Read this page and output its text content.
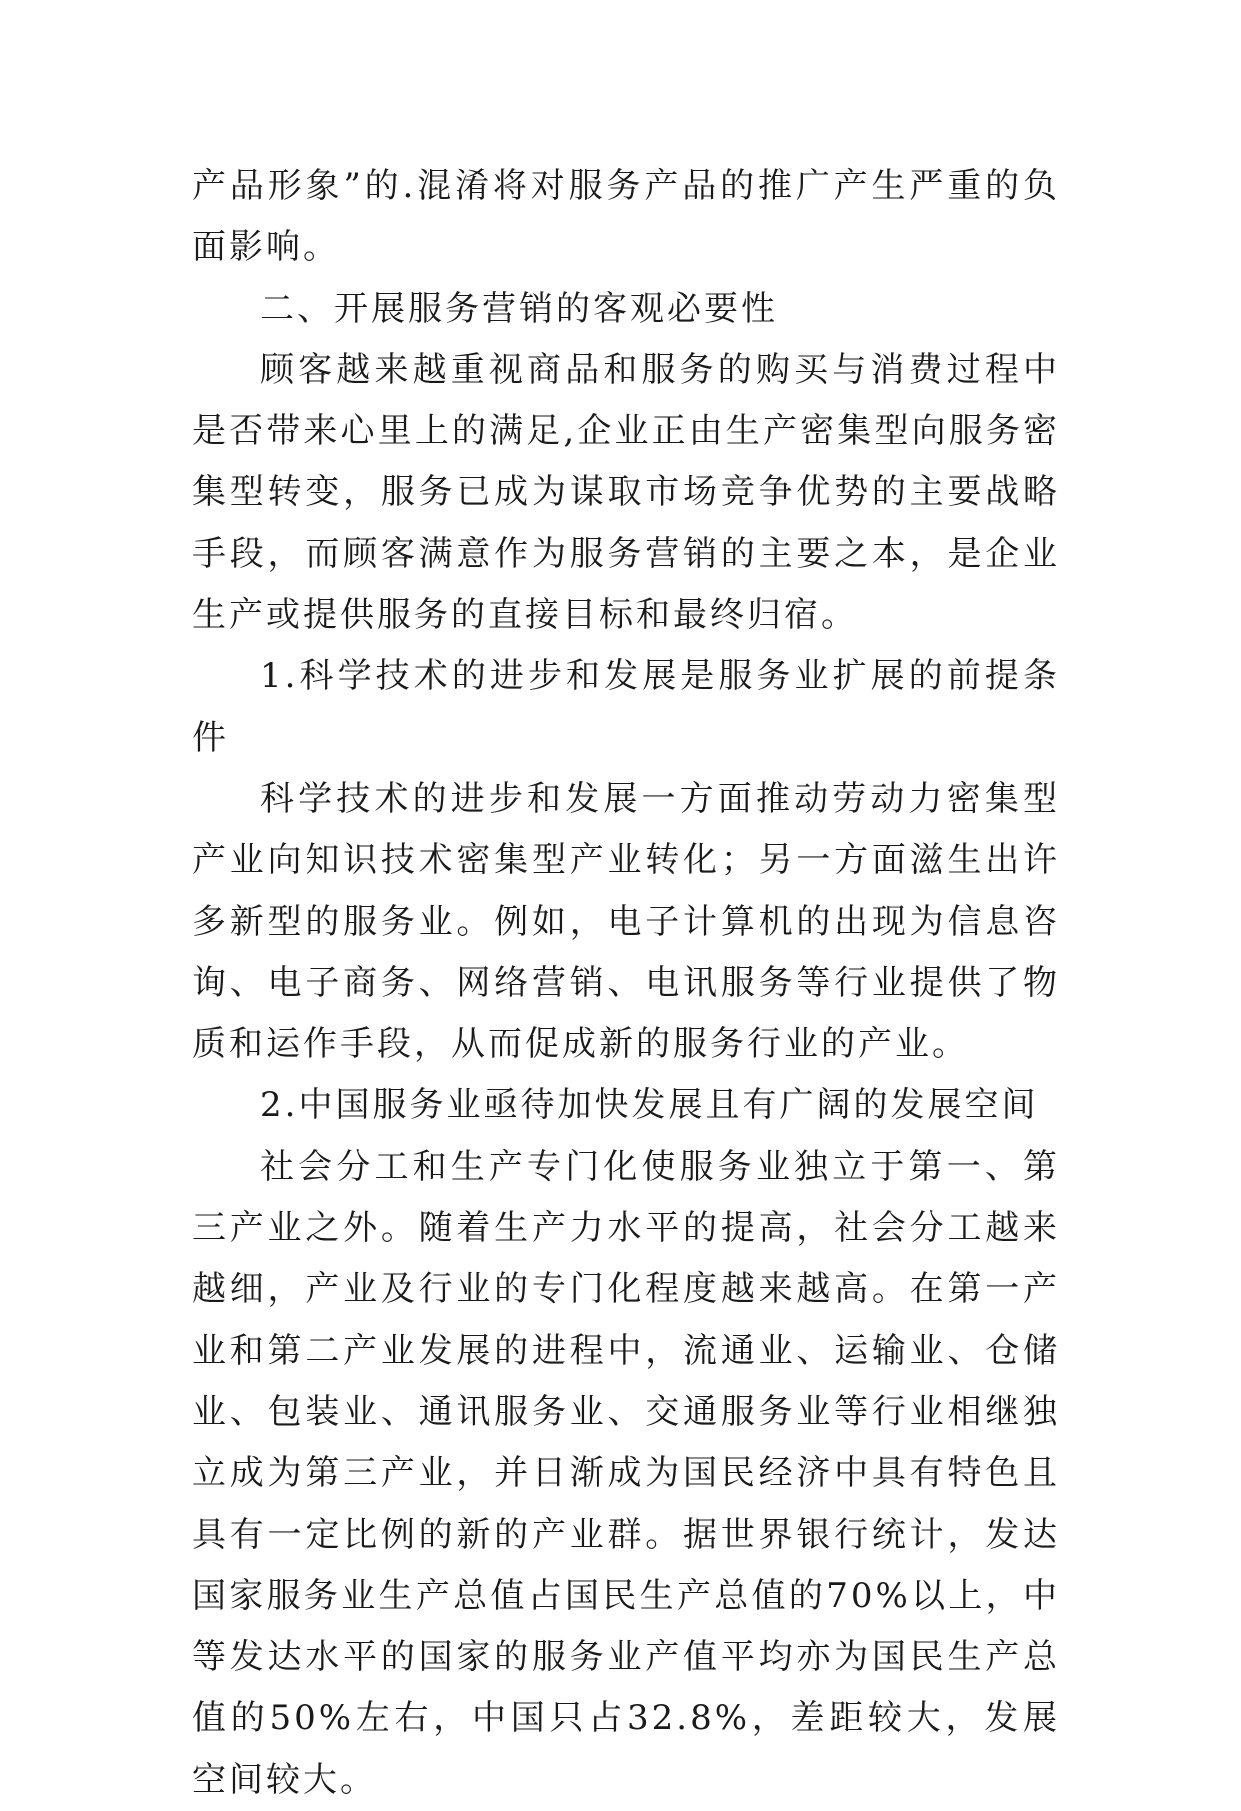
产品形象”的.混淆将对服务产品的推广产生严重的负面影响。

二、开展服务营销的客观必要性

顾客越来越重视商品和服务的购买与消费过程中是否带来心里上的满足,企业正由生产密集型向服务密集型转变，服务已成为谋取市场竞争优势的主要战略手段，而顾客满意作为服务营销的主要之本，是企业生产或提供服务的直接目标和最终归宿。

1.科学技术的进步和发展是服务业扩展的前提条件

科学技术的进步和发展一方面推动劳动力密集型产业向知识技术密集型产业转化；另一方面滋生出许多新型的服务业。例如，电子计算机的出现为信息咨询、电子商务、网络营销、电讯服务等行业提供了物质和运作手段，从而促成新的服务行业的产业。

2.中国服务业亟待加快发展且有广阔的发展空间

社会分工和生产专门化使服务业独立于第一、第三产业之外。随着生产力水平的提高，社会分工越来越细，产业及行业的专门化程度越来越高。在第一产业和第二产业发展的进程中，流通业、运输业、仓储业、包装业、通讯服务业、交通服务业等行业相继独立成为第三产业，并日渐成为国民经济中具有特色且具有一定比例的新的产业群。据世界银行统计，发达国家服务业生产总值占国民生产总值的70%以上，中等发达水平的国家的服务业产值平均亦为国民生产总值的50%左右，中国只占32.8%，差距较大，发展空间较大。
